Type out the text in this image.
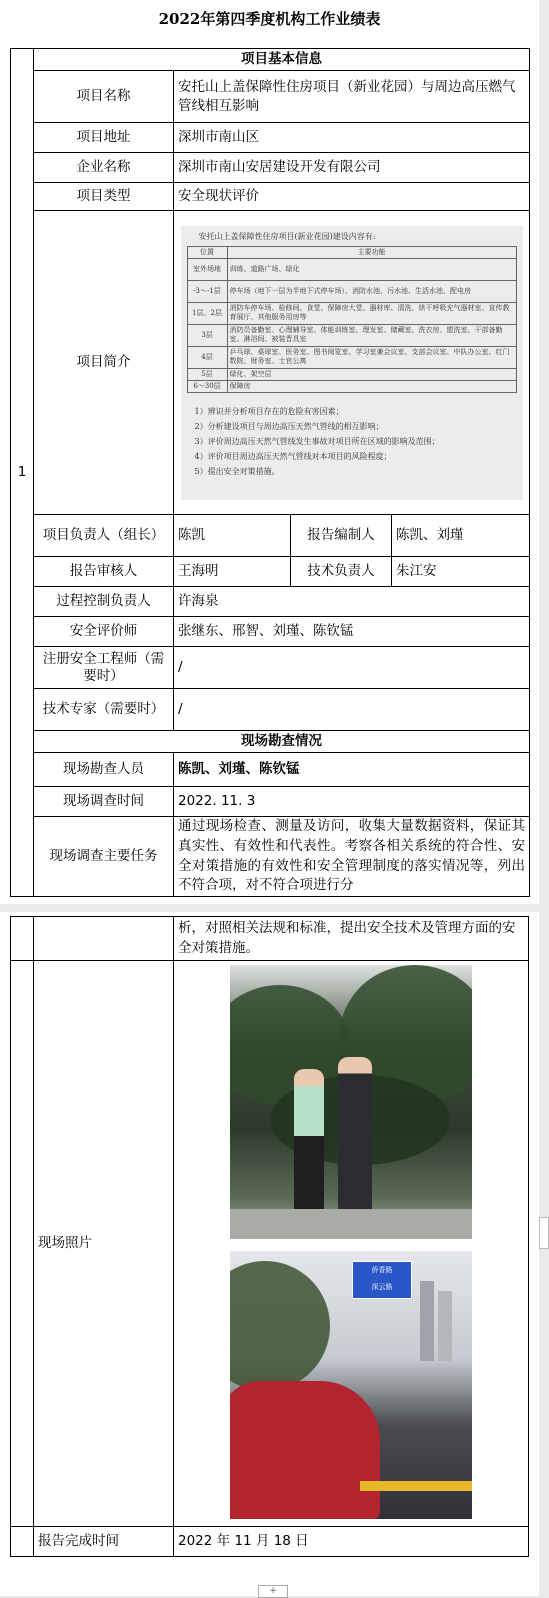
2022年第四季度机构工作业绩表
1	项目基本信息
项目名称	安托山上盖保障性住房项目（新业花园）与周边高压燃气管线相互影响
项目地址	深圳市南山区
企业名称	深圳市南山安居建设开发有限公司
项目类型	安全现状评价
项目简介	
安托山上盖保障性住房项目(新业花园)建设内容有:
位置	主要功能
室外场地	训练、道路广场、绿化
-3～-1层	停车场（地下一层为半地下式停车场）、消防水池、污水池、生活水池、配电房
1层、2层	消防车停车场、检修间、食堂、保障房大堂、器材库、清洗、烘干呼吸充气器材室、宣传教育展厅、其他服务用房等
3层	消防员备勤室、心理辅导室、体能训练室、理发室、储藏室、洗衣房、盥洗室、干部备勤室、淋浴间、被装晋具室
4层	乒乓球、桌球室、医务室、图书阅览室、学习室兼会议室、支部会议室、中队办公室、红门数院、财务室、士官公寓
5层	绿化、架空层
6～30层	保障房
1）辨识并分析项目存在的危险有害因素；
2）分析建设项目与周边高压天然气管线的相互影响；
3）评价周边高压天然气管线发生事故对项目所在区域的影响及范围；
4）评价项目周边高压天然气管线对本项目的风险程度；
5）提出安全对策措施。

项目负责人（组长）	陈凯	报告编制人	陈凯、刘瑾
报告审核人	王海明	技术负责人	朱江安
过程控制负责人	许海泉
安全评价师	张继东、邢智、刘瑾、陈钦锰
注册安全工程师（需要时）	/
技术专家（需要时）	/
现场勘查情况
现场勘查人员	陈凯、刘瑾、陈钦锰
现场调查时间	2022. 11. 3
现场调查主要任务	通过现场检查、测量及访问，收集大量数据资料，保证其真实性、有效性和代表性。考察各相关系统的符合性、安全对策措施的有效性和安全管理制度的落实情况等，列出不符合项，对不符合项进行分
		析，对照相关法规和标准，提出安全技术及管理方面的安全对策措施。
	现场照片	侨香路
深云路

	报告完成时间	2022 年 11 月 18 日
+
